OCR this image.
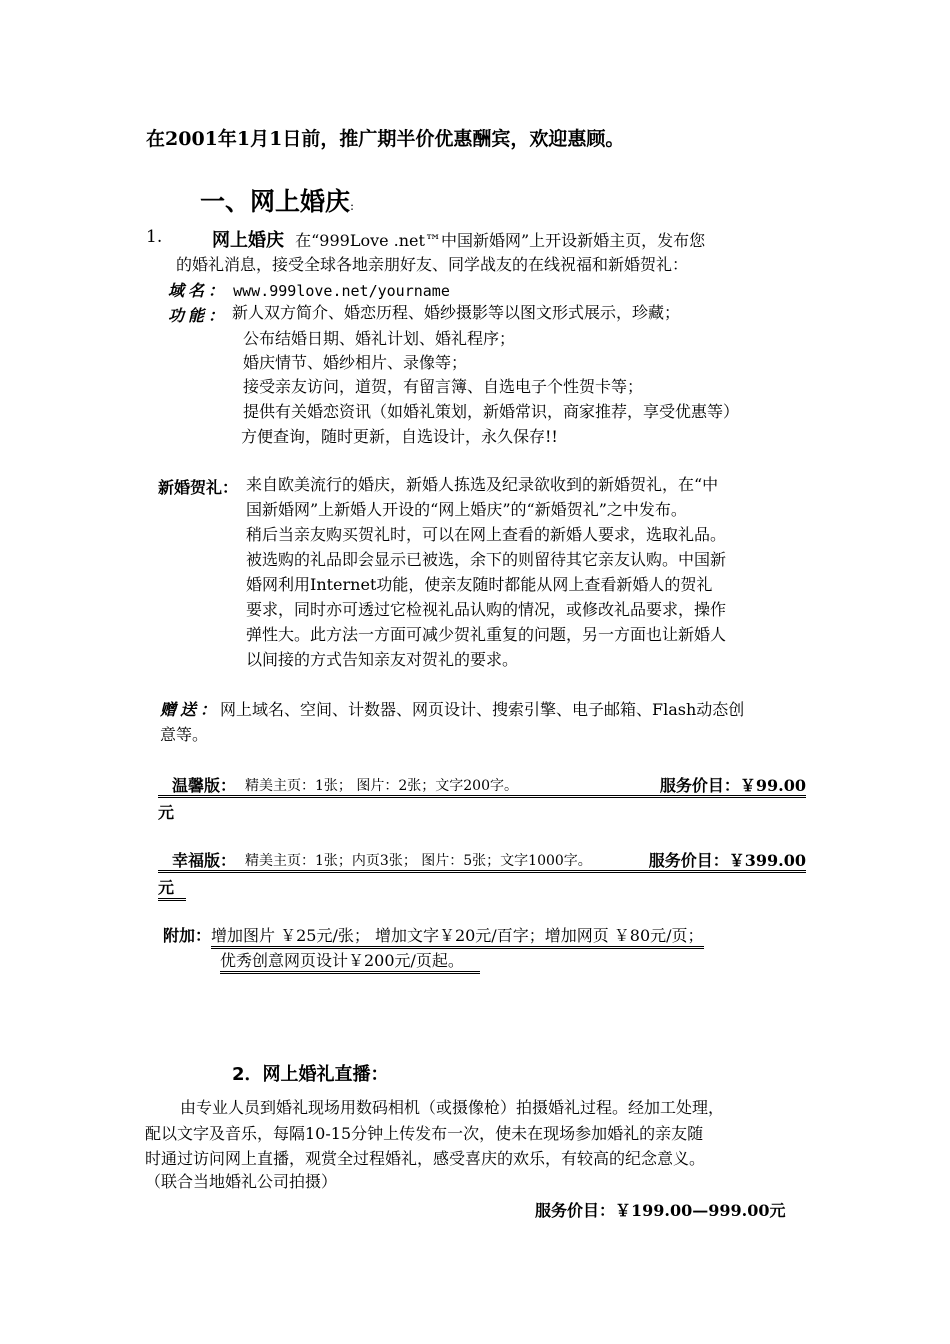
在2001年1月1日前，推广期半价优惠酬宾，欢迎惠顾。
一、网上婚庆:
1.	网上婚庆 在“999Love .net™中国新婚网”上开设新婚主页，发布您
的婚礼消息，接受全球各地亲朋好友、同学战友的在线祝福和新婚贺礼：
域名： www.999love.net/yourname
功能： 新人双方简介、婚恋历程、婚纱摄影等以图文形式展示，珍藏；
公布结婚日期、婚礼计划、婚礼程序；
婚庆情节、婚纱相片、录像等；
接受亲友访问，道贺，有留言簿、自选电子个性贺卡等；
提供有关婚恋资讯（如婚礼策划，新婚常识，商家推荐，享受优惠等）
方便查询，随时更新，自选设计，永久保存!!
新婚贺礼： 来自欧美流行的婚庆，新婚人拣选及纪录欲收到的新婚贺礼，在“中
国新婚网”上新婚人开设的“网上婚庆”的“新婚贺礼”之中发布。
稍后当亲友购买贺礼时，可以在网上查看的新婚人要求，选取礼品。
被选购的礼品即会显示已被选，余下的则留待其它亲友认购。中国新
婚网利用Internet功能，使亲友随时都能从网上查看新婚人的贺礼
要求，同时亦可透过它检视礼品认购的情况，或修改礼品要求，操作
弹性大。此方法一方面可减少贺礼重复的问题，另一方面也让新婚人
以间接的方式告知亲友对贺礼的要求。
赠送：网上域名、空间、计数器、网页设计、搜索引擎、电子邮箱、Flash动态创
意等。
温馨版： 精美主页：1张； 图片：2张；文字200字。	服务价目：￥99.00
元
幸福版： 精美主页：1张；内页3张； 图片：5张；文字1000字。	服务价目：￥399.00
元
附加：增加图片 ￥25元/张； 增加文字￥20元/百字；增加网页 ￥80元/页；
优秀创意网页设计￥200元/页起。
2．网上婚礼直播：
由专业人员到婚礼现场用数码相机（或摄像枪）拍摄婚礼过程。经加工处理，
配以文字及音乐，每隔10-15分钟上传发布一次，使未在现场参加婚礼的亲友随
时通过访问网上直播，观赏全过程婚礼，感受喜庆的欢乐，有较高的纪念意义。
（联合当地婚礼公司拍摄）
服务价目：￥199.00—999.00元
